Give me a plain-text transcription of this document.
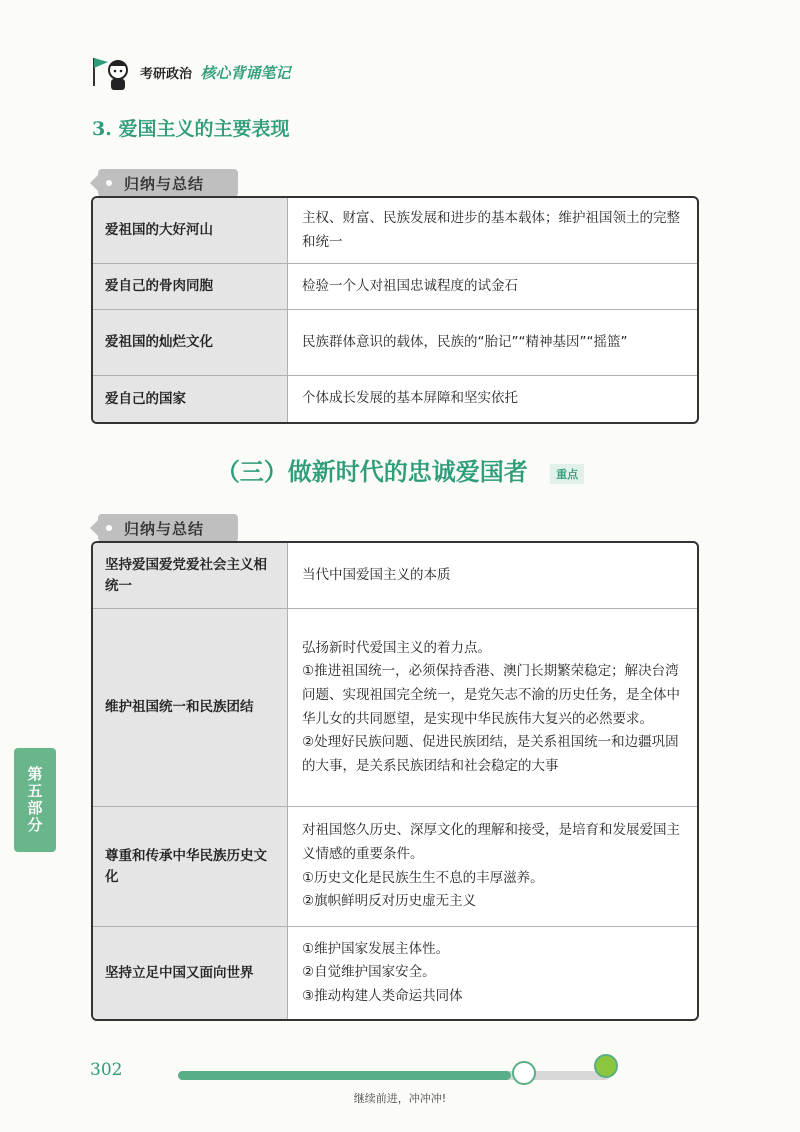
考研政治 核心背诵笔记
3. 爱国主义的主要表现
归纳与总结
爱祖国的大好河山	主权、财富、民族发展和进步的基本载体；维护祖国领土的完整和统一

爱自己的骨肉同胞	检验一个人对祖国忠诚程度的试金石

爱祖国的灿烂文化	民族群体意识的载体，民族的“胎记”“精神基因”“摇篮”

爱自己的国家	个体成长发展的基本屏障和坚实依托
（三）做新时代的忠诚爱国者	重点
归纳与总结
坚持爱国爱党爱社会主义相统一	当代中国爱国主义的本质

维护祖国统一和民族团结	弘扬新时代爱国主义的着力点。
①推进祖国统一，必须保持香港、澳门长期繁荣稳定；解决台湾问题、实现祖国完全统一，是党矢志不渝的历史任务，是全体中华儿女的共同愿望，是实现中华民族伟大复兴的必然要求。
②处理好民族问题、促进民族团结，是关系祖国统一和边疆巩固的大事，是关系民族团结和社会稳定的大事

尊重和传承中华民族历史文化	对祖国悠久历史、深厚文化的理解和接受，是培育和发展爱国主义情感的重要条件。
①历史文化是民族生生不息的丰厚滋养。
②旗帜鲜明反对历史虚无主义

坚持立足中国又面向世界	①维护国家发展主体性。
②自觉维护国家安全。
③推动构建人类命运共同体
第五部分
302
继续前进，冲冲冲!
